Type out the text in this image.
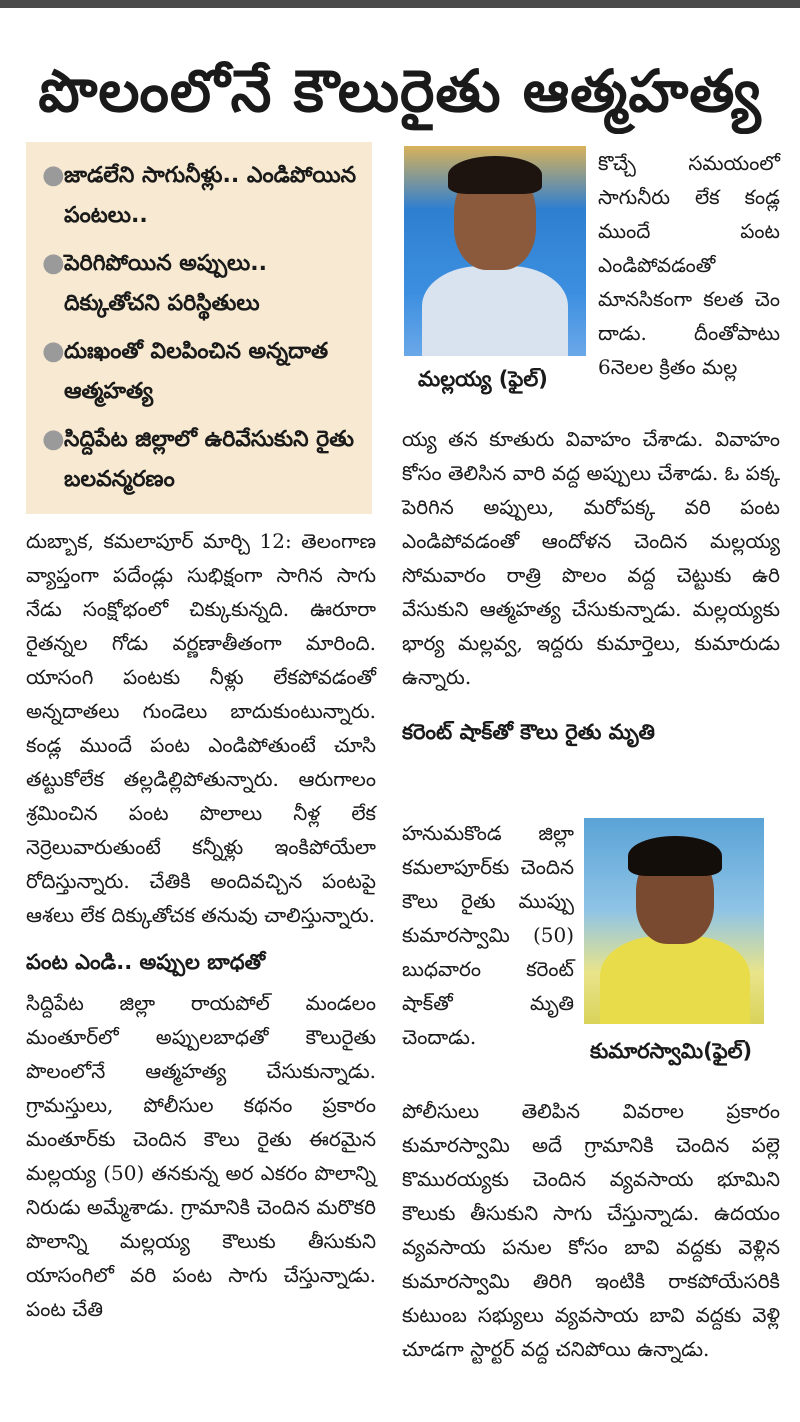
పొలంలోనే కౌలురైతు ఆత్మహత్య
● జాడలేని సాగునీళ్లు.. ఎండిపోయిన పంటలు..
● పెరిగిపోయిన అప్పులు.. దిక్కుతోచని పరిస్థితులు
● దుఃఖంతో విలపించిన అన్నదాత ఆత్మహత్య
● సిద్దిపేట జిల్లాలో ఉరివేసుకుని రైతు బలవన్మరణం

దుబ్బాక, కమలాపూర్ మార్చి 12: తెలంగాణ వ్యాప్తంగా పదేండ్లు సుభిక్షంగా సాగిన సాగు నేడు సంక్షోభంలో చిక్కుకున్నది. ఊరూరా రైతన్నల గోడు వర్ణణాతీతంగా మారింది. యాసంగి పంటకు నీళ్లు లేకపోవడంతో అన్నదాతలు గుండెలు బాదుకుంటున్నారు. కండ్ల ముందే పంట ఎండిపోతుంటే చూసి తట్టుకోలేక తల్లడిల్లిపోతున్నారు. ఆరుగాలం శ్రమించిన పంట పొలాలు నీళ్ల లేక నెర్రెలువారుతుంటే కన్నీళ్లు ఇంకిపోయేలా రోదిస్తున్నారు. చేతికి అందివచ్చిన పంటపై ఆశలు లేక దిక్కుతోచక తనువు చాలిస్తున్నారు.

పంట ఎండి.. అప్పుల బాధతో

సిద్దిపేట జిల్లా రాయపోల్ మండలం మంతూర్‌లో అప్పులబాధతో కౌలురైతు పొలంలోనే ఆత్మహత్య చేసుకున్నాడు. గ్రామస్తులు, పోలీసుల కథనం ప్రకారం మంతూర్‌కు చెందిన కౌలు రైతు ఈరమైన మల్లయ్య (50) తనకున్న అర ఎకరం పొలాన్ని నిరుడు అమ్మేశాడు. గ్రామానికి చెందిన మరొకరి పొలాన్ని మల్లయ్య కౌలుకు తీసుకుని యాసంగిలో వరి పంట సాగు చేస్తున్నాడు. పంట చేతి

మల్లయ్య (ఫైల్)

కొచ్చే సమయంలో సాగునీరు లేక కండ్ల ముందే పంట ఎండిపోవడంతో మానసికంగా కలత చెం దాడు. దీంతోపాటు 6నెలల క్రితం మల్ల

య్య తన కూతురు వివాహం చేశాడు. వివాహం కోసం తెలిసిన వారి వద్ద అప్పులు చేశాడు. ఓ పక్క పెరిగిన అప్పులు, మరోపక్క వరి పంట ఎండిపోవడంతో ఆందోళన చెందిన మల్లయ్య సోమవారం రాత్రి పొలం వద్ద చెట్టుకు ఉరి వేసుకుని ఆత్మహత్య చేసుకున్నాడు. మల్లయ్యకు భార్య మల్లవ్వ, ఇద్దరు కుమార్తెలు, కుమారుడు ఉన్నారు.

కరెంట్ షాక్‌తో కౌలు రైతు మృతి

కుమారస్వామి(ఫైల్)

హనుమకొండ జిల్లా కమలాపూర్‌కు చెందిన కౌలు రైతు ముప్పు కుమారస్వామి (50) బుధవారం కరెంట్ షాక్‌తో మృతి చెందాడు.

పోలీసులు తెలిపిన వివరాల ప్రకారం కుమారస్వామి అదే గ్రామానికి చెందిన పల్లె కొమురయ్యకు చెందిన వ్యవసాయ భూమిని కౌలుకు తీసుకుని సాగు చేస్తున్నాడు. ఉదయం వ్యవసాయ పనుల కోసం బావి వద్దకు వెళ్లిన కుమారస్వామి తిరిగి ఇంటికి రాకపోయేసరికి కుటుంబ సభ్యులు వ్యవసాయ బావి వద్దకు వెళ్లి చూడగా స్టార్టర్ వద్ద చనిపోయి ఉన్నాడు.
